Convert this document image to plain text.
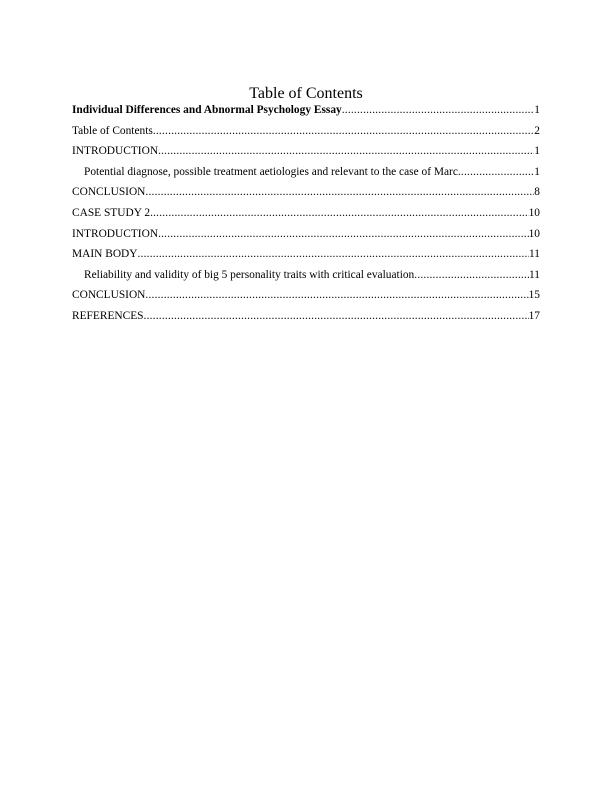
Table of Contents
Individual Differences and Abnormal Psychology Essay .....	1
Table of Contents .....	2
INTRODUCTION .....	1
Potential diagnose, possible treatment aetiologies and relevant to the case of Marc .....	1
CONCLUSION .....	8
CASE STUDY 2 .....	10
INTRODUCTION .....	10
MAIN BODY .....	11
Reliability and validity of big 5 personality traits with critical evaluation .....	11
CONCLUSION .....	15
REFERENCES .....	17
